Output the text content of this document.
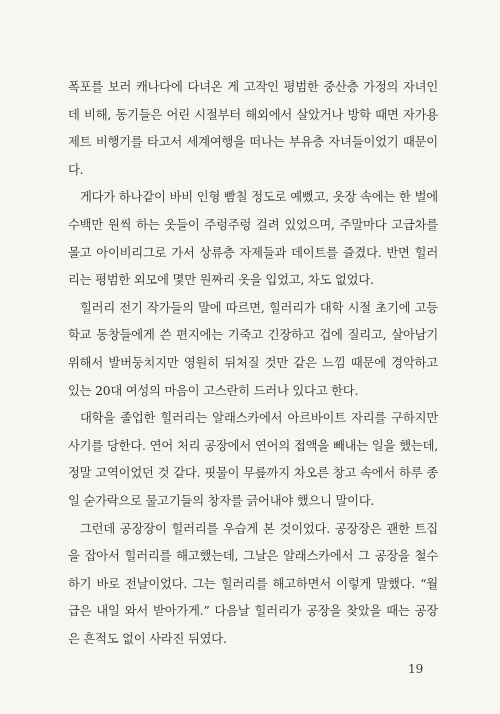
폭포를 보러 캐나다에 다녀온 게 고작인 평범한 중산층 가정의 자녀인 데 비해, 동기들은 어린 시절부터 해외에서 살았거나 방학 때면 자가용 제트 비행기를 타고서 세계여행을 떠나는 부유층 자녀들이었기 때문이다.

게다가 하나같이 바비 인형 빰칠 정도로 예뻤고, 옷장 속에는 한 벌에 수백만 원씩 하는 옷들이 주렁주렁 걸려 있었으며, 주말마다 고급차를 몰고 아이비리그로 가서 상류층 자제들과 데이트를 즐겼다. 반면 힐러리는 평범한 외모에 몇만 원짜리 옷을 입었고, 차도 없었다.

힐러리 전기 작가들의 말에 따르면, 힐러리가 대학 시절 초기에 고등학교 동창들에게 쓴 편지에는 기죽고 긴장하고 겁에 질리고, 살아남기 위해서 발버둥치지만 영원히 뒤처질 것만 같은 느낌 때문에 경악하고 있는 20대 여성의 마음이 고스란히 드러나 있다고 한다.

대학을 졸업한 힐러리는 알래스카에서 아르바이트 자리를 구하지만 사기를 당한다. 연어 처리 공장에서 연어의 접액을 빼내는 일을 했는데, 정말 고역이었던 것 같다. 핏물이 무릎까지 차오른 창고 속에서 하루 종일 숟가락으로 물고기들의 창자를 긁어내야 했으니 말이다.

그런데 공장장이 힐러리를 우습게 본 것이었다. 공장장은 괜한 트집을 잡아서 힐러리를 해고했는데, 그날은 알래스카에서 그 공장을 철수하기 바로 전날이었다. 그는 힐러리를 해고하면서 이렇게 말했다. “월급은 내일 와서 받아가게.” 다음날 힐러리가 공장을 찾았을 때는 공장은 흔적도 없이 사라진 뒤였다.

19
